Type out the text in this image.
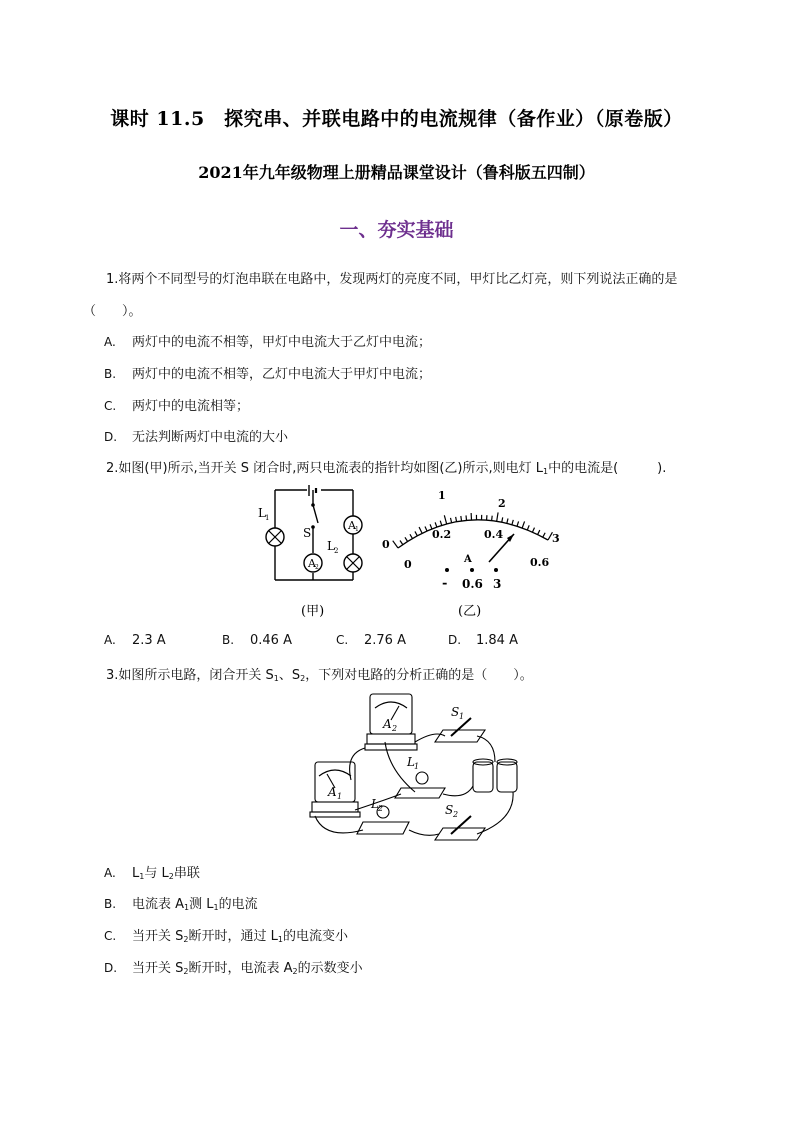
课时 11.5　探究串、并联电路中的电流规律（备作业）（原卷版）
2021年九年级物理上册精品课堂设计（鲁科版五四制）
一、夯实基础
1.将两个不同型号的灯泡串联在电路中，发现两灯的亮度不同，甲灯比乙灯亮，则下列说法正确的是
（　　）。
A. 两灯中的电流不相等，甲灯中电流大于乙灯中电流；
B. 两灯中的电流不相等，乙灯中电流大于甲灯中电流；
C. 两灯中的电流相等；
D. 无法判断两灯中电流的大小
2.如图(甲)所示,当开关 S 闭合时,两只电流表的指针均如图(乙)所示,则电灯 $L_1$中的电流是(　　　).
A 1
A 2
L 1
S
L 2
(甲)
1
2
0	3
0.2	0.4
0	0.6
A
- 0.6 3
(乙)
A. 2.3 A	B. 0.46 A	C. 2.76 A	D. 1.84 A
3.如图所示电路，闭合开关 $S_1$、$S_2$，下列对电路的分析正确的是（　　）。
A 2
A 1
S 1
L 1
L 2	S 2
A. $L_1$与 $L_2$串联
B. 电流表 $A_1$测 $L_1$的电流
C. 当开关 $S_2$断开时，通过 $L_1$的电流变小
D. 当开关 $S_2$断开时，电流表 $A_2$的示数变小
